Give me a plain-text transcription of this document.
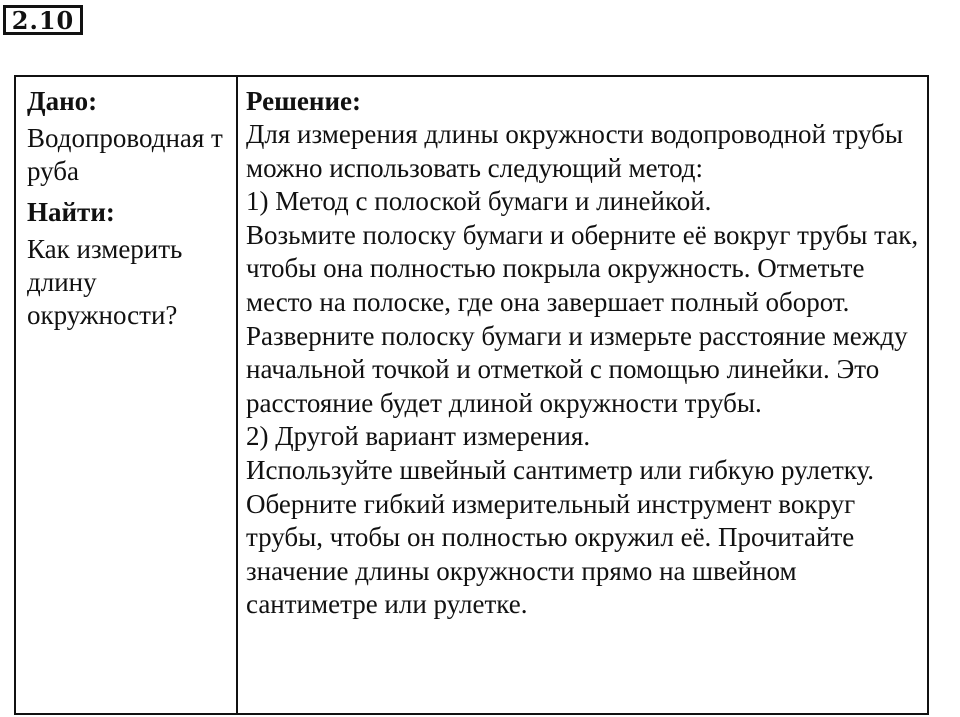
2.10
Дано:
Водопроводная труба
Найти:
Как измерить длину окружности?
Решение:

Для измерения длины окружности водопроводной трубы можно использовать следующий метод:

1) Метод с полоской бумаги и линейкой.

Возьмите полоску бумаги и оберните её вокруг трубы так, чтобы она полностью покрыла окружность. Отметьте место на полоске, где она завершает полный оборот. Разверните полоску бумаги и измерьте расстояние между начальной точкой и отметкой с помощью линейки. Это расстояние будет длиной окружности трубы.

2) Другой вариант измерения.

Используйте швейный сантиметр или гибкую рулетку. Оберните гибкий измерительный инструмент вокруг трубы, чтобы он полностью окружил её. Прочитайте значение длины окружности прямо на швейном сантиметре или рулетке.
